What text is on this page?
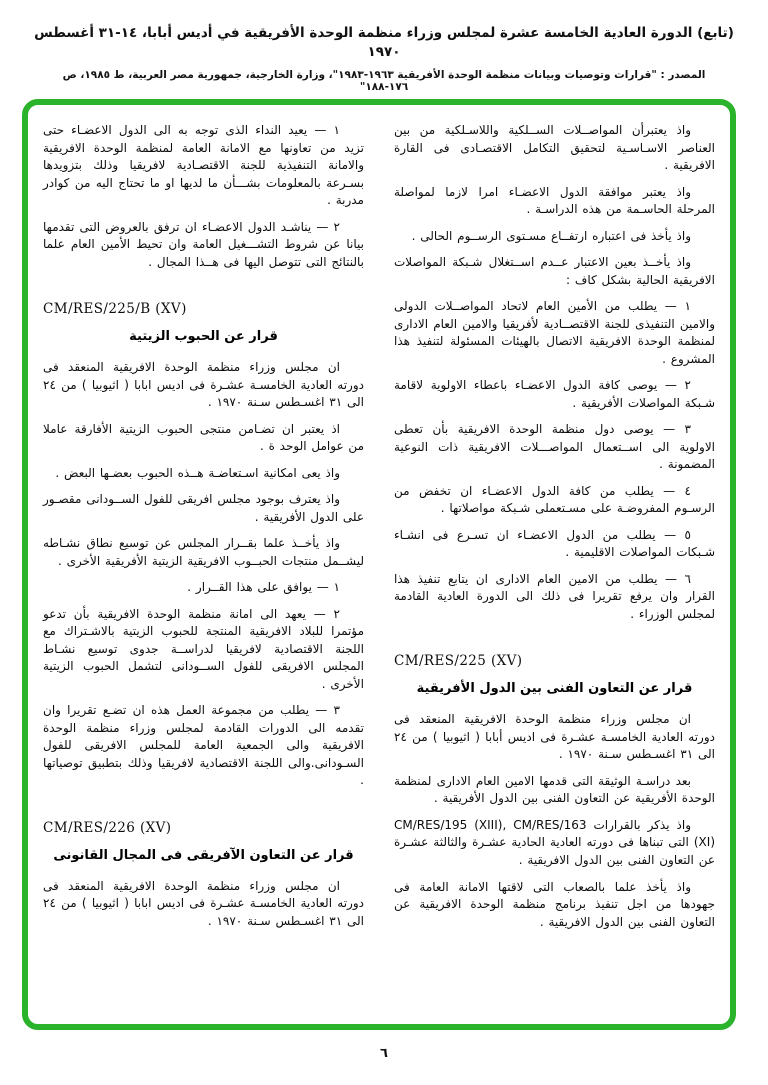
(تابع) الدورة العادية الخامسة عشرة لمجلس وزراء منظمة الوحدة الأفريقية في أديس أبابا، ١٤-٣١ أغسطس ١٩٧٠
المصدر : "قرارات وتوصيات وبيانات منظمة الوحدة الأفريقية ١٩٦٣-١٩٨٣"، وزارة الخارجية، جمهورية مصر العربية، ط ١٩٨٥، ص ١٧٦-١٨٨"
واذ يعتبرأن المواصــلات الســلكية واللاسـلكية من بين العناصر الاسـاسـية لتحقيق التكامل الاقتصـادى فى القارة الافريقية .
واذ يعتبر موافقة الدول الاعضـاء امرا لازما لمواصلة المرحلة الحاسـمة من هذه الدراسـة .
واذ يأخذ فى اعتباره ارتفــاع مسـتوى الرســوم الحالى .
واذ يأخــذ بعين الاعتبار عــدم اســتغلال شـبكة المواصلات الافريقية الحالية بشكل كاف :
١ — يطلب من الأمين العام لاتحاد المواصــلات الدولى والامين التنفيذى للجنة الاقتصــادية لأفريقيا والامين العام الادارى لمنظمة الوحدة الافريقية الاتصال بالهيئات المسئولة لتنفيذ هذا المشروع .
٢ — يوصى كافة الدول الاعضـاء باعطاء الاولوية لاقامة شـبكة المواصلات الأفريقية .
٣ — يوصى دول منظمة الوحدة الافريقية بأن تعطى الاولوية الى اســتعمال المواصـــلات الافريقية ذات النوعية المضمونة .
٤ — يطلب من كافة الدول الاعضـاء ان تخفض من الرسـوم المفروضـة على مسـتعملى شـبكة مواصلاتها .
٥ — يطلب من الدول الاعضـاء ان تسـرع فى انشـاء شـبكات المواصلات الاقليمية .
٦ — يطلب من الامين العام الادارى ان يتابع تنفيذ هذا القرار وان يرفع تقريرا فى ذلك الى الدورة العادية القادمة لمجلس الوزراء .
CM/RES/225 (XV)
قرار عن التعاون الفنى بين الدول الأفريقية
ان مجلس وزراء منظمة الوحدة الافريقية المنعقد فى دورته العادية الخامسـة عشـرة فى اديس أبابا ( اثيوبيا ) من ٢٤ الى ٣١ اغسـطس سـنة ١٩٧٠ .
بعد دراسـة الوثيقة التى قدمها الامين العام الادارى لمنظمة الوحدة الأفريقية عن التعاون الفنى بين الدول الأفريقية .
واذ يذكر بالقرارات CM/RES/195 (XIII), CM/RES/163 (XI) التى تبناها فى دورته العادية الحادية عشـرة والثالثة عشـرة عن التعاون الفنى بين الدول الافريقية .
واذ يأخذ علما بالصعاب التى لاقتها الامانة العامة فى جهودها من اجل تنفيذ برنامج منظمة الوحدة الافريقية عن التعاون الفنى بين الدول الافريقية .
١ — يعيد النداء الذى توجه به الى الدول الاعضـاء حتى تزيد من تعاونها مع الامانة العامة لمنظمة الوحدة الافريقية والامانة التنفيذية للجنة الاقتصـادية لافريقيا وذلك بتزويدها بسـرعة بالمعلومات بشـــأن ما لديها او ما تحتاج اليه من كوادر مدربة .
٢ — يناشـد الدول الاعضـاء ان ترفق بالعروض التى تقدمها بيانا عن شروط التشـــغيل العامة وان تحيط الأمين العام علما بالنتائج التى تتوصل اليها فى هــذا المجال .
CM/RES/225/B (XV)
قرار عن الحبوب الزيتية
ان مجلس وزراء منظمة الوحدة الافريقية المنعقد فى دورته العادية الخامسـة عشـرة فى اديس ابابا ( اثيوبيا ) من ٢٤ الى ٣١ اغسـطس سـنة ١٩٧٠ .
اذ يعتبر ان تضـامن منتجى الحبوب الزيتية الأفارقة عاملا من عوامل الوحد ة .
واذ يعى امكانية اسـتعاضـة هــذه الحبوب بعضـها البعض .
واذ يعترف بوجود مجلس افريقى للفول الســودانى مقصـور على الدول الأفريقية .
واذ يأخــذ علما بقــرار المجلس عن توسيع نطاق نشـاطه ليشــمل منتجات الحبــوب الافريقية الزيتية الأفريقية الأخرى .
١ — يوافق على هذا القــرار .
٢ — يعهد الى امانة منظمة الوحدة الافريقية بأن تدعو مؤتمرا للبلاد الافريقية المنتجة للحبوب الزيتية بالاشـتراك مع اللجنة الاقتصادية لافريقيا لدراســة جدوى توسيع نشـاط المجلس الافريقى للفول الســودانى لتشمل الحبوب الزيتية الأخرى .
٣ — يطلب من مجموعة العمل هذه ان تضـع تقريرا وان تقدمه الى الدورات القادمة لمجلس وزراء منظمة الوحدة الافريقية والى الجمعية العامة للمجلس الافريقى للفول السـودانى.والى اللجنة الاقتصادية لافريقيا وذلك بتطبيق توصياتها .
CM/RES/226 (XV)
قرار عن التعاون الآفريقى فى المجال القانونى
ان مجلس وزراء منظمة الوحدة الافريقية المنعقد فى دورته العادية الخامسـة عشـرة فى اديس ابابا ( اثيوبيا ) من ٢٤ الى ٣١ اغسـطس سـنة ١٩٧٠ .
٦
